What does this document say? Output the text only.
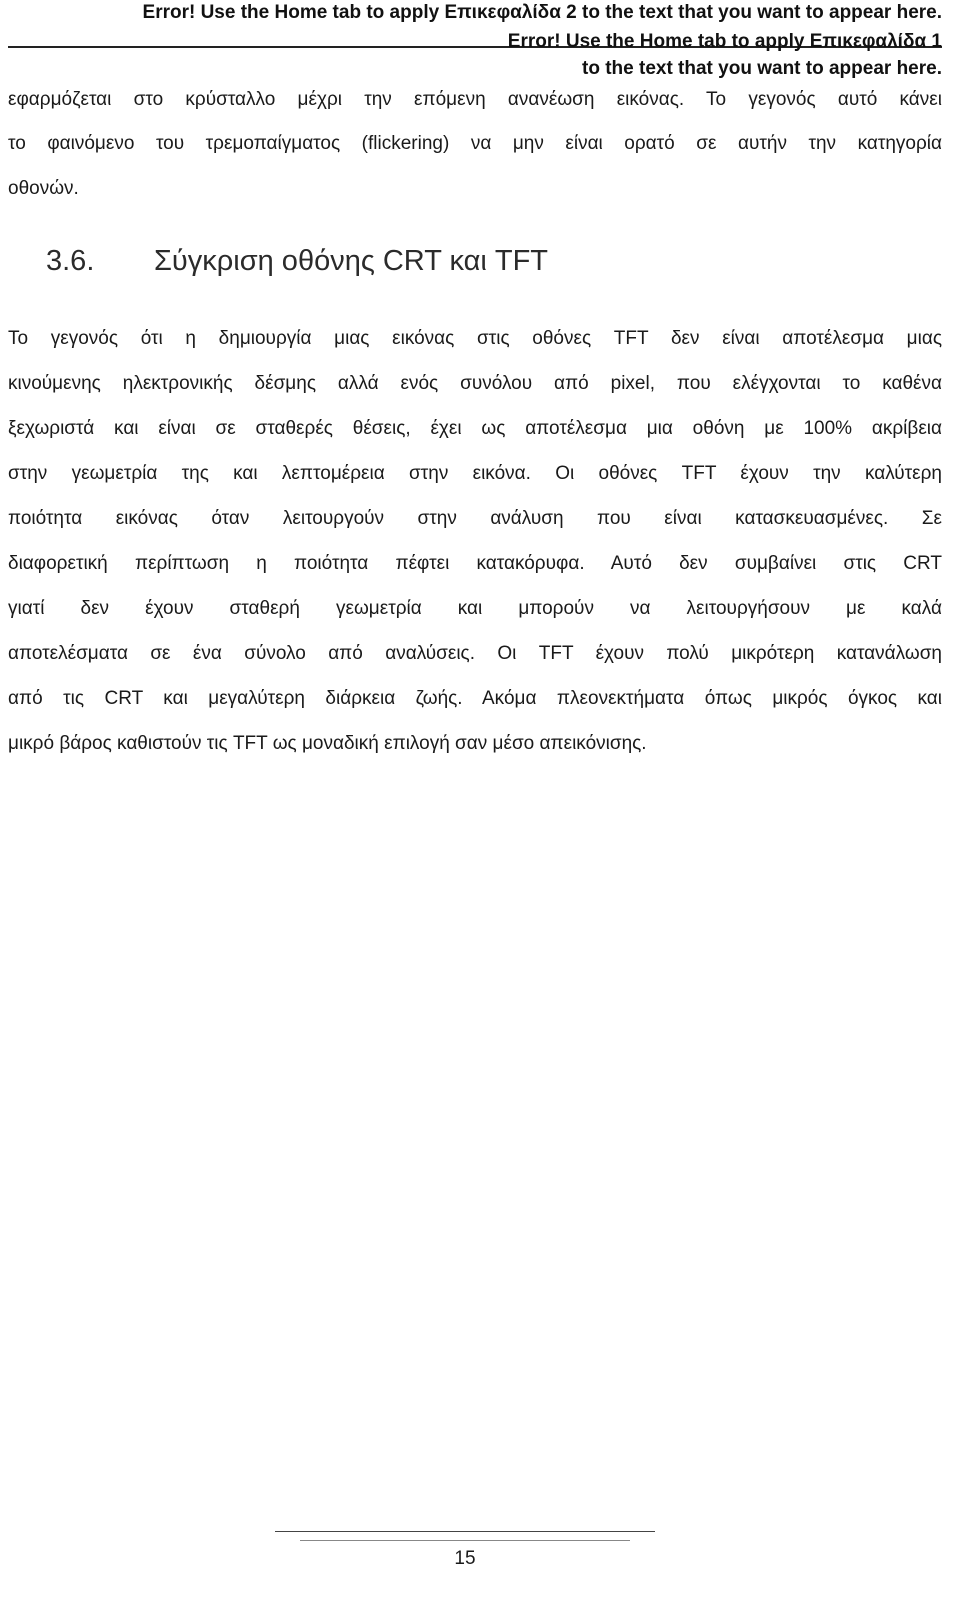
Error! Use the Home tab to apply Επικεφαλίδα 2 to the text that you want to appear here.
Error! Use the Home tab to apply Επικεφαλίδα 1
to the text that you want to appear here.
εφαρμόζεται στο κρύσταλλο μέχρι την επόμενη ανανέωση εικόνας. Το γεγονός αυτό κάνει
το φαινόμενο του τρεμοπαίγματος (flickering) να μην είναι ορατό σε αυτήν την κατηγορία
οθονών.
3.6. Σύγκριση οθόνης CRT και TFT
Το γεγονός ότι η δημιουργία μιας εικόνας στις οθόνες TFT δεν είναι αποτέλεσμα μιας
κινούμενης ηλεκτρονικής δέσμης αλλά ενός συνόλου από pixel, που ελέγχονται το καθένα
ξεχωριστά και είναι σε σταθερές θέσεις, έχει ως αποτέλεσμα μια οθόνη με 100% ακρίβεια
στην γεωμετρία της και λεπτομέρεια στην εικόνα. Οι οθόνες TFT έχουν την καλύτερη
ποιότητα εικόνας όταν λειτουργούν στην ανάλυση που είναι κατασκευασμένες. Σε
διαφορετική περίπτωση η ποιότητα πέφτει κατακόρυφα. Αυτό δεν συμβαίνει στις CRT
γιατί δεν έχουν σταθερή γεωμετρία και μπορούν να λειτουργήσουν με καλά
αποτελέσματα σε ένα σύνολο από αναλύσεις. Οι TFT έχουν πολύ μικρότερη κατανάλωση
από τις CRT και μεγαλύτερη διάρκεια ζωής. Ακόμα πλεονεκτήματα όπως μικρός όγκος και
μικρό βάρος καθιστούν τις TFT ως μοναδική επιλογή σαν μέσο απεικόνισης.
15
